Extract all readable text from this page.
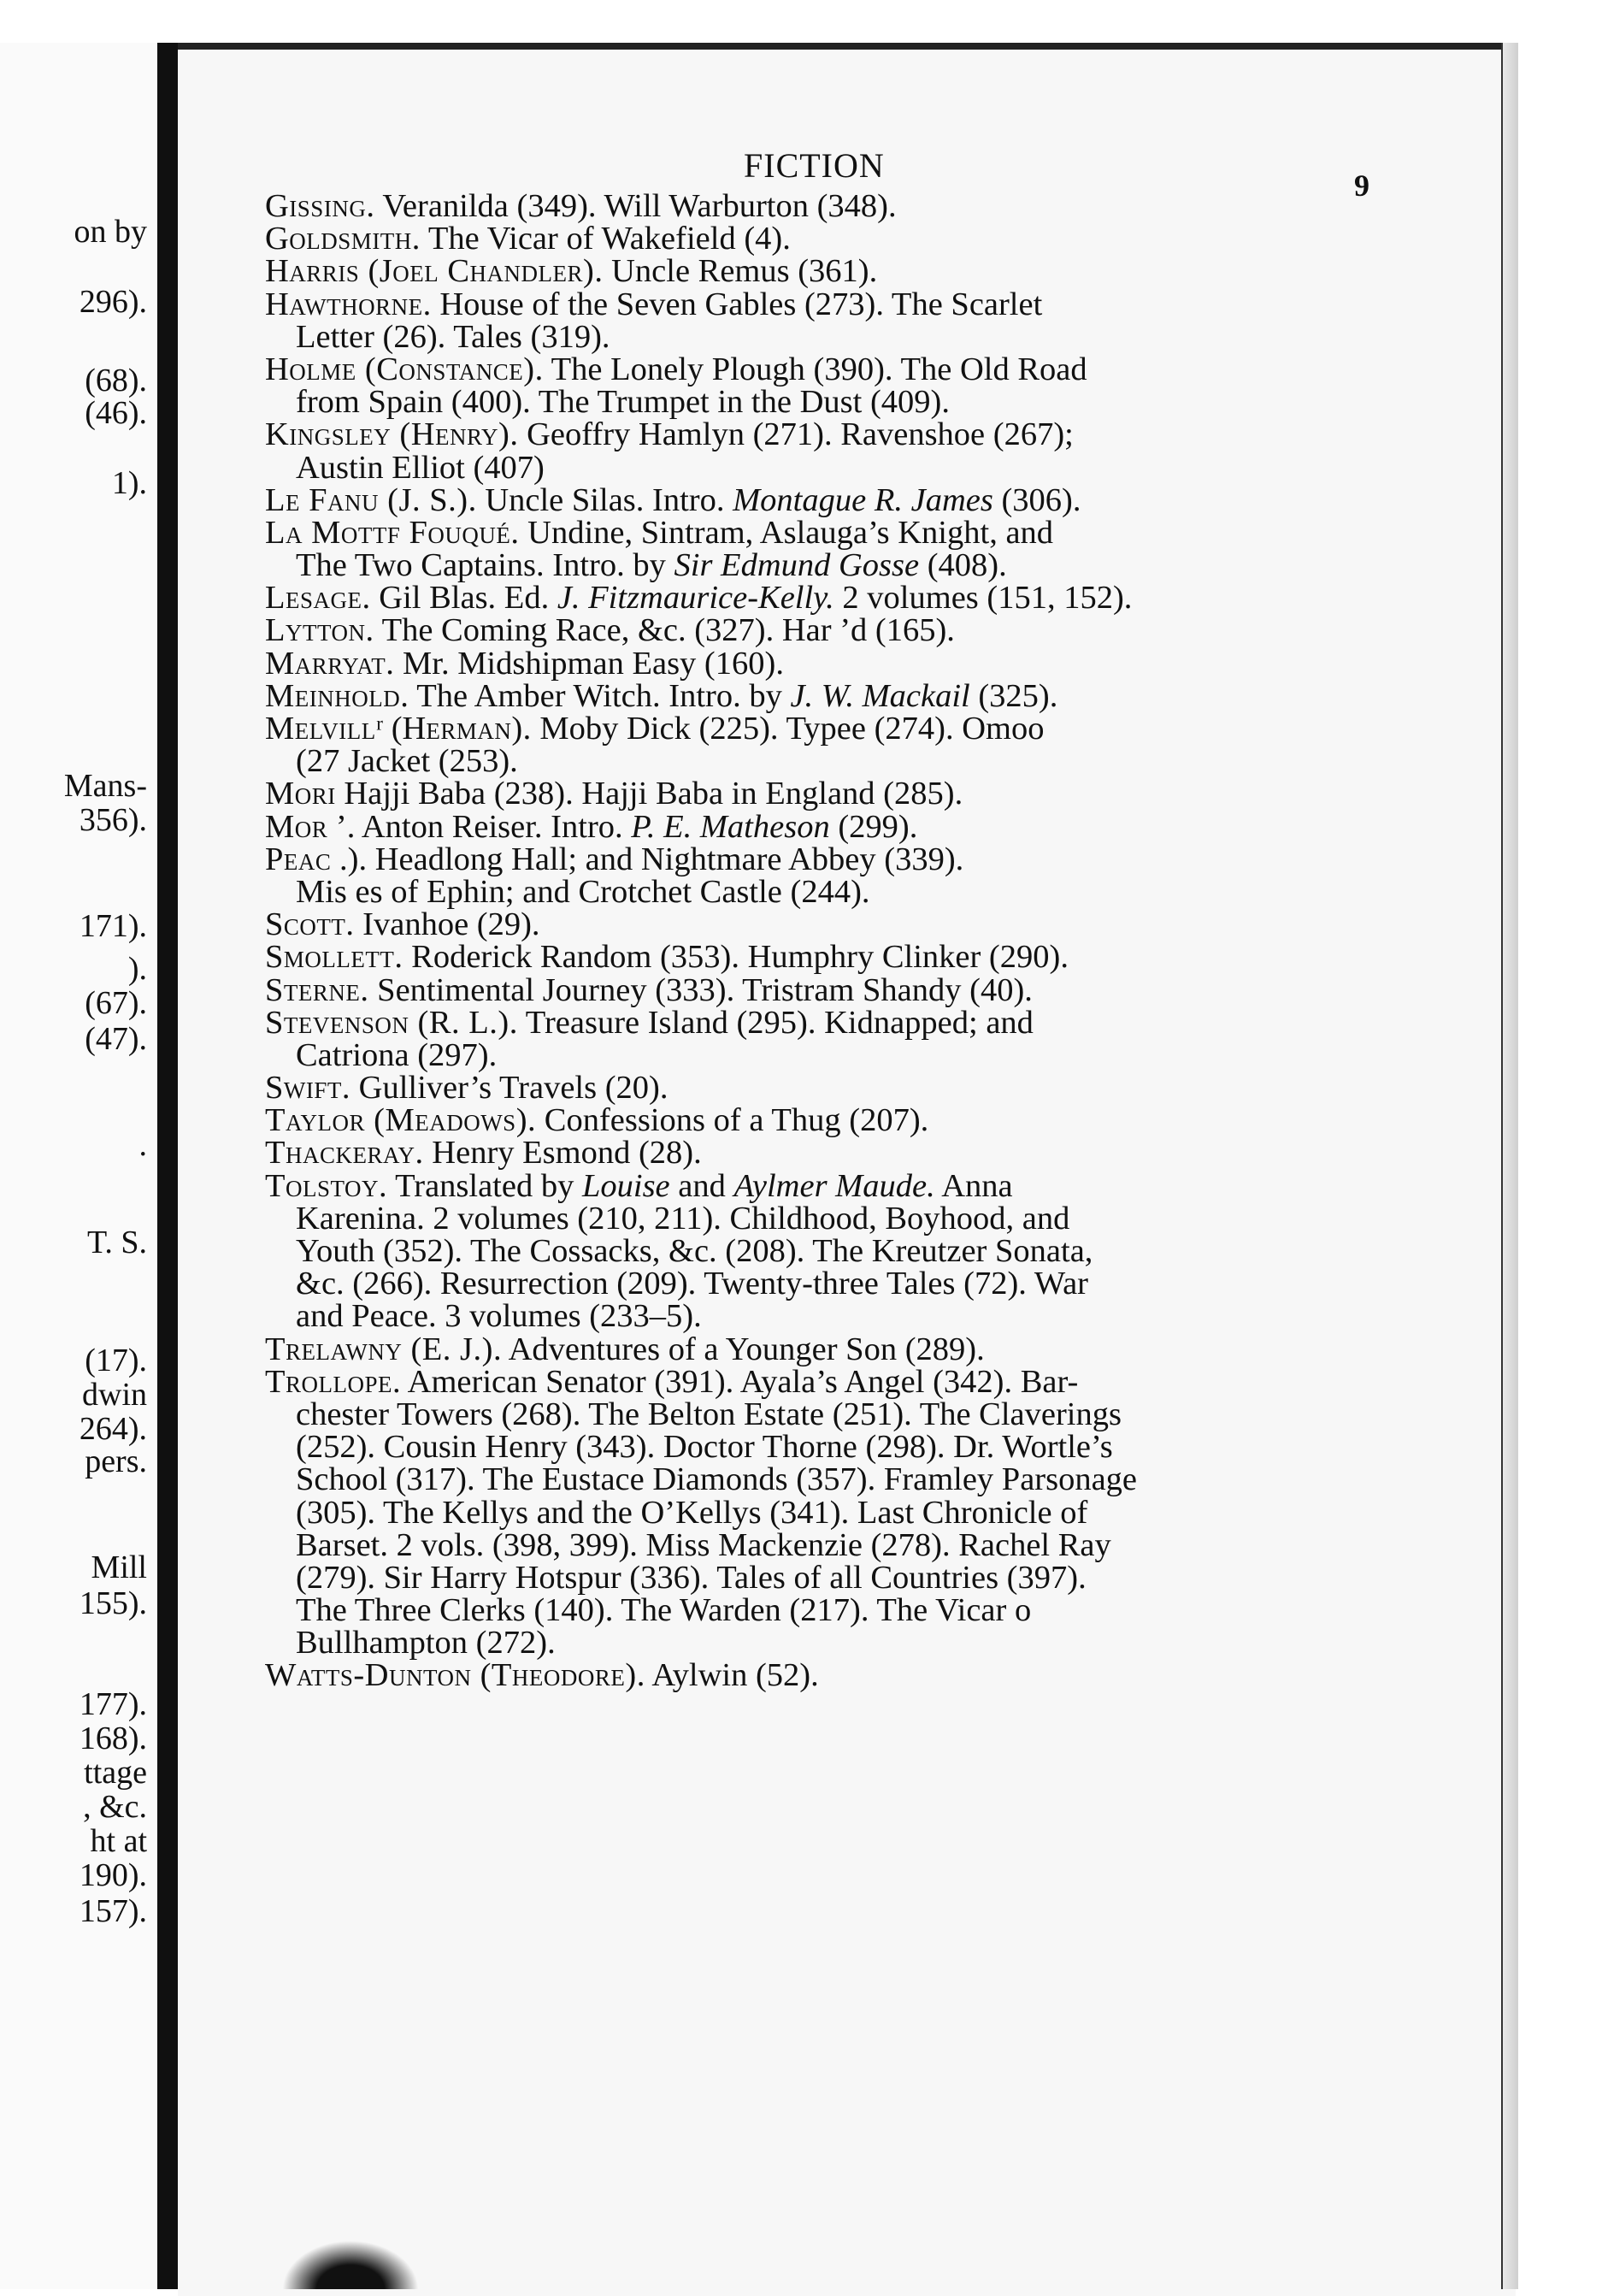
on by
296).
(68).
(46).
1).
Mans-
356).
171).
).
(67).
(47).
.
T. S.
(17).
dwin
264).
pers.
Mill
155).
177).
168).
ttage
, &c.
ht at
190).
157).
FICTION
9
Gissing. Veranilda (349). Will Warburton (348).
Goldsmith. The Vicar of Wakefield (4).
Harris (Joel Chandler). Uncle Remus (361).
Hawthorne. House of the Seven Gables (273). The Scarlet
Letter (26). Tales (319).
Holme (Constance). The Lonely Plough (390). The Old Road
from Spain (400). The Trumpet in the Dust (409).
Kingsley (Henry). Geoffry Hamlyn (271). Ravenshoe (267);
Austin Elliot (407)
Le Fanu (J. S.). Uncle Silas. Intro. Montague R. James (306).
La Mottf Fouqué. Undine, Sintram, Aslauga’s Knight, and
The Two Captains. Intro. by Sir Edmund Gosse (408).
Lesage. Gil Blas. Ed. J. Fitzmaurice-Kelly. 2 volumes (151, 152).
Lytton. The Coming Race, &c. (327). Har ’d (165).
Marryat. Mr. Midshipman Easy (160).
Meinhold. The Amber Witch. Intro. by J. W. Mackail (325).
Melvillʳ (Herman). Moby Dick (225). Typee (274). Omoo
(27 Jacket (253).
Mori Hajji Baba (238). Hajji Baba in England (285).
Mor ’. Anton Reiser. Intro. P. E. Matheson (299).
Peac .). Headlong Hall; and Nightmare Abbey (339).
Mis es of Ephin; and Crotchet Castle (244).
Scott. Ivanhoe (29).
Smollett. Roderick Random (353). Humphry Clinker (290).
Sterne. Sentimental Journey (333). Tristram Shandy (40).
Stevenson (R. L.). Treasure Island (295). Kidnapped; and
Catriona (297).
Swift. Gulliver’s Travels (20).
Taylor (Meadows). Confessions of a Thug (207).
Thackeray. Henry Esmond (28).
Tolstoy. Translated by Louise and Aylmer Maude. Anna
Karenina. 2 volumes (210, 211). Childhood, Boyhood, and
Youth (352). The Cossacks, &c. (208). The Kreutzer Sonata,
&c. (266). Resurrection (209). Twenty-three Tales (72). War
and Peace. 3 volumes (233–5).
Trelawny (E. J.). Adventures of a Younger Son (289).
Trollope. American Senator (391). Ayala’s Angel (342). Bar-
chester Towers (268). The Belton Estate (251). The Claverings
(252). Cousin Henry (343). Doctor Thorne (298). Dr. Wortle’s
School (317). The Eustace Diamonds (357). Framley Parsonage
(305). The Kellys and the O’Kellys (341). Last Chronicle of
Barset. 2 vols. (398, 399). Miss Mackenzie (278). Rachel Ray
(279). Sir Harry Hotspur (336). Tales of all Countries (397).
The Three Clerks (140). The Warden (217). The Vicar o
Bullhampton (272).
Watts-Dunton (Theodore). Aylwin (52).
